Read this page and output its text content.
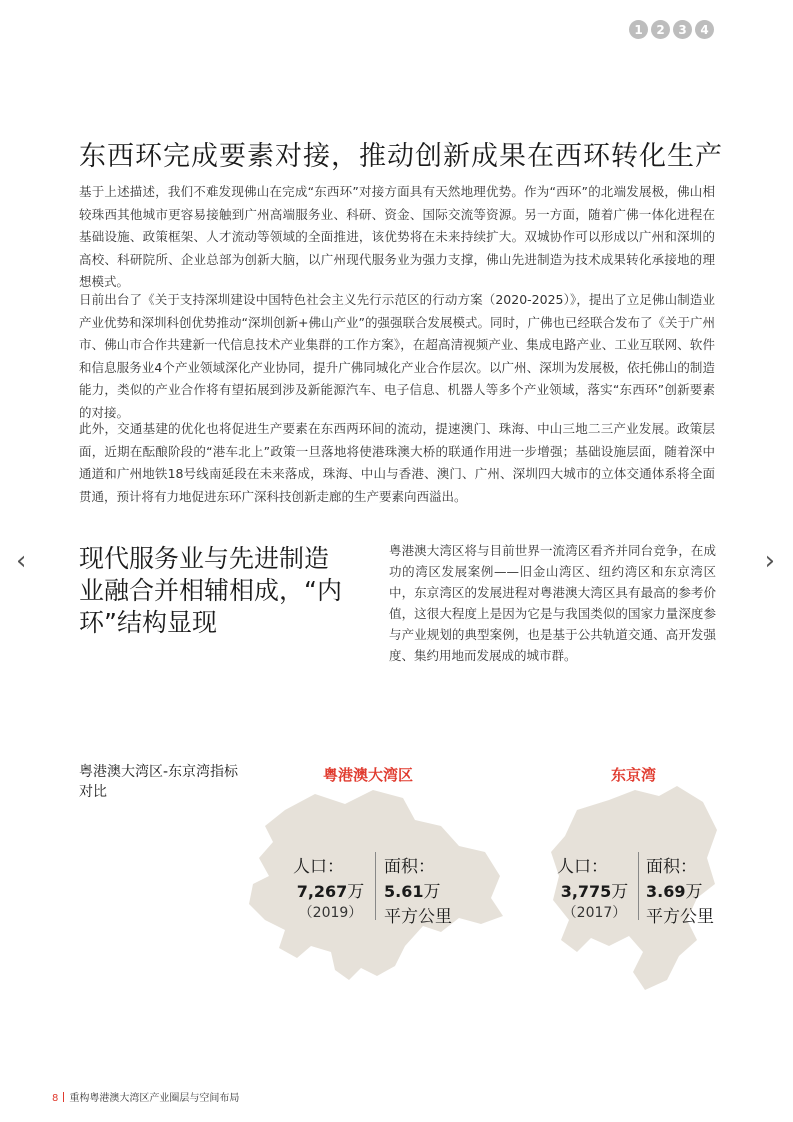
1	2	3	4
东西环完成要素对接，推动创新成果在西环转化生产

基于上述描述，我们不难发现佛山在完成“东西环”对接方面具有天然地理优势。作为“西环”的北端发展极，佛山相较珠西其他城市更容易接触到广州高端服务业、科研、资金、国际交流等资源。另一方面，随着广佛一体化进程在基础设施、政策框架、人才流动等领域的全面推进，该优势将在未来持续扩大。双城协作可以形成以广州和深圳的高校、科研院所、企业总部为创新大脑，以广州现代服务业为强力支撑，佛山先进制造为技术成果转化承接地的理想模式。

日前出台了《关于支持深圳建设中国特色社会主义先行示范区的行动方案（2020-2025）》，提出了立足佛山制造业产业优势和深圳科创优势推动“深圳创新+佛山产业”的强强联合发展模式。同时，广佛也已经联合发布了《关于广州市、佛山市合作共建新一代信息技术产业集群的工作方案》，在超高清视频产业、集成电路产业、工业互联网、软件和信息服务业4个产业领域深化产业协同，提升广佛同城化产业合作层次。以广州、深圳为发展极，依托佛山的制造能力，类似的产业合作将有望拓展到涉及新能源汽车、电子信息、机器人等多个产业领域，落实“东西环”创新要素的对接。

此外，交通基建的优化也将促进生产要素在东西两环间的流动，提速澳门、珠海、中山三地二三产业发展。政策层面，近期在酝酿阶段的“港车北上”政策一旦落地将使港珠澳大桥的联通作用进一步增强；基础设施层面，随着深中通道和广州地铁18号线南延段在未来落成，珠海、中山与香港、澳门、广州、深圳四大城市的立体交通体系将全面贯通，预计将有力地促进东环广深科技创新走廊的生产要素向西溢出。

‹	›
现代服务业与先进制造业融合并相辅相成，“内环”结构显现

粤港澳大湾区将与目前世界一流湾区看齐并同台竞争，在成功的湾区发展案例——旧金山湾区、纽约湾区和东京湾区中，东京湾区的发展进程对粤港澳大湾区具有最高的参考价值，这很大程度上是因为它是与我国类似的国家力量深度参与产业规划的典型案例，也是基于公共轨道交通、高开发强度、集约用地而发展成的城市群。

粤港澳大湾区-东京湾指标对比
粤港澳大湾区	东京湾
人口：
7,267万
（2019）
面积：
5.61万
平方公里
人口：
3,775万
（2017）
面积：
3.69万
平方公里
8 重构粤港澳大湾区产业圈层与空间布局
